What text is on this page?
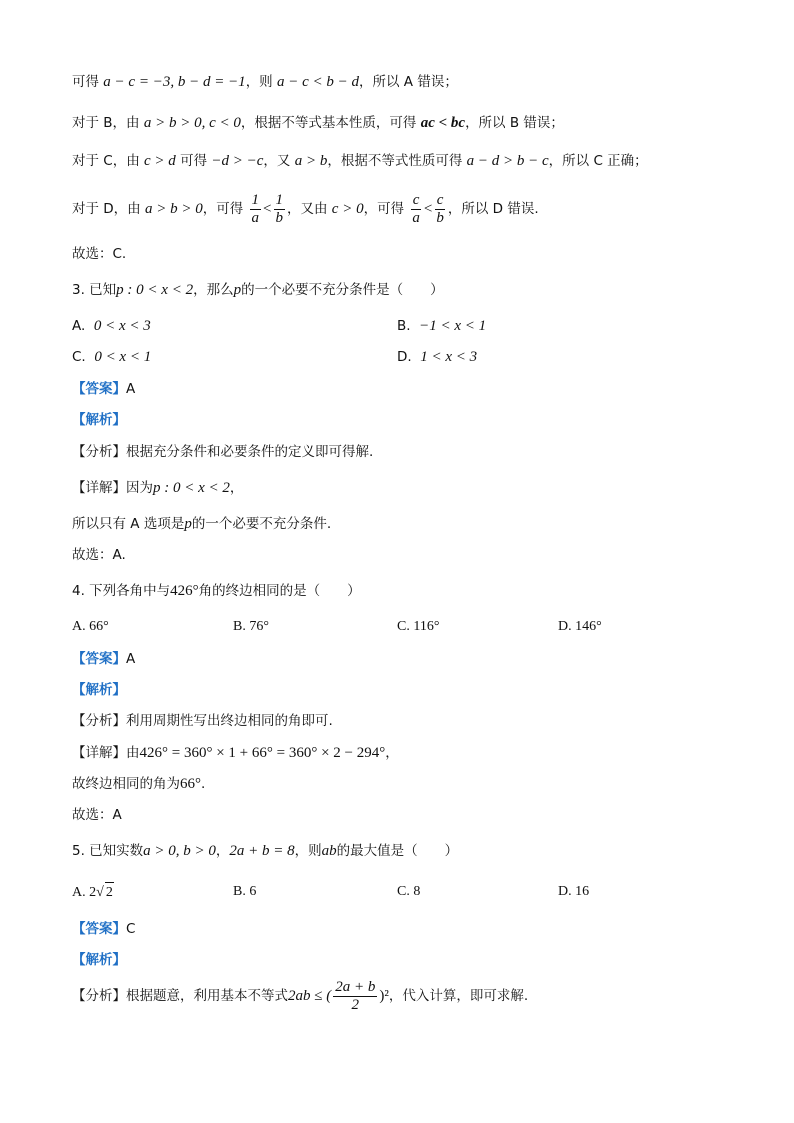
可得 a − c = −3, b − d = −1，则 a − c < b − d，所以 A 错误；
对于 B，由 a > b > 0, c < 0，根据不等式基本性质，可得 ac < bc，所以 B 错误；
对于 C，由 c > d 可得 −d > −c，又 a > b，根据不等式性质可得 a − d > b − c，所以 C 正确；
对于 D，由 a > b > 0，可得 $\frac{1}{a} < \frac{1}{b}$ ，又由 c > 0，可得 $\frac{c}{a} < \frac{c}{b}$ ，所以 D 错误.
故选：C.
3. 已知p : 0 < x < 2，那么p的一个必要不充分条件是（　　）
A. 0 < x < 3	B. −1 < x < 1
C. 0 < x < 1	D. 1 < x < 3
【答案】A
【解析】
【分析】根据充分条件和必要条件的定义即可得解.
【详解】因为p : 0 < x < 2，
所以只有 A 选项是p的一个必要不充分条件.
故选：A.
4. 下列各角中与426°角的终边相同的是（　　）
A. 66°	B. 76°	C. 116°	D. 146°
【答案】A
【解析】
【分析】利用周期性写出终边相同的角即可.
【详解】由426° = 360° × 1 + 66° = 360° × 2 − 294°，
故终边相同的角为66°.
故选：A
5. 已知实数a > 0, b > 0，2a + b = 8，则ab的最大值是（　　）
A. 2√ 2	B. 6	C. 8	D. 16
【答案】C
【解析】
【分析】根据题意，利用基本不等式2ab ≤ ( $\frac{2a + b}{2} )^2$，代入计算，即可求解.
